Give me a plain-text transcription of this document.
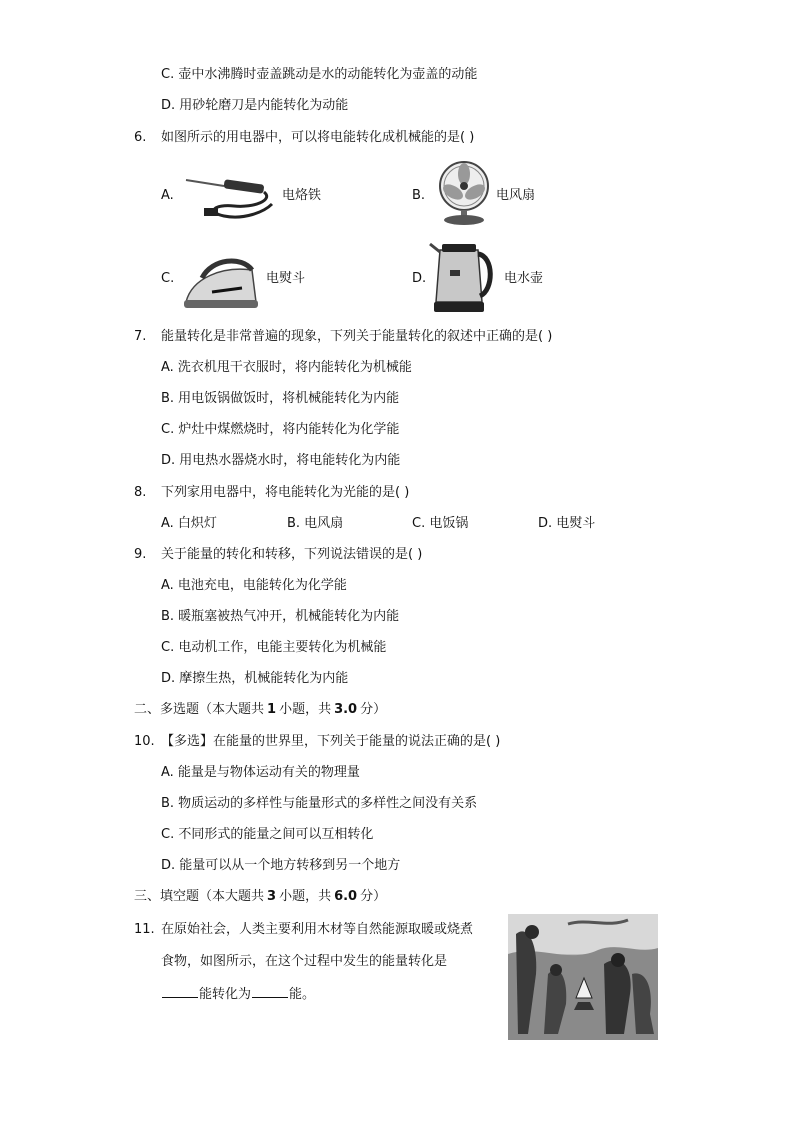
C. 壶中水沸腾时壶盖跳动是水的动能转化为壶盖的动能
D. 用砂轮磨刀是内能转化为动能
6. 如图所示的用电器中，可以将电能转化成机械能的是( )
A.	电烙铁	B.	电风扇
C.	电熨斗	D.	电水壶
7. 能量转化是非常普遍的现象，下列关于能量转化的叙述中正确的是( )
A. 洗衣机甩干衣服时，将内能转化为机械能
B. 用电饭锅做饭时，将机械能转化为内能
C. 炉灶中煤燃烧时，将内能转化为化学能
D. 用电热水器烧水时，将电能转化为内能
8. 下列家用电器中，将电能转化为光能的是( )
A. 白炽灯	B. 电风扇	C. 电饭锅	D. 电熨斗
9. 关于能量的转化和转移，下列说法错误的是( )
A. 电池充电，电能转化为化学能
B. 暖瓶塞被热气冲开，机械能转化为内能
C. 电动机工作，电能主要转化为机械能
D. 摩擦生热，机械能转化为内能
二、多选题（本大题共 1 小题，共 3.0 分）
10. 【多选】在能量的世界里，下列关于能量的说法正确的是( )
A. 能量是与物体运动有关的物理量
B. 物质运动的多样性与能量形式的多样性之间没有关系
C. 不同形式的能量之间可以互相转化
D. 能量可以从一个地方转移到另一个地方
三、填空题（本大题共 3 小题，共 6.0 分）
11. 在原始社会，人类主要利用木材等自然能源取暖或烧煮
食物，如图所示，在这个过程中发生的能量转化是
能转化为	能。
